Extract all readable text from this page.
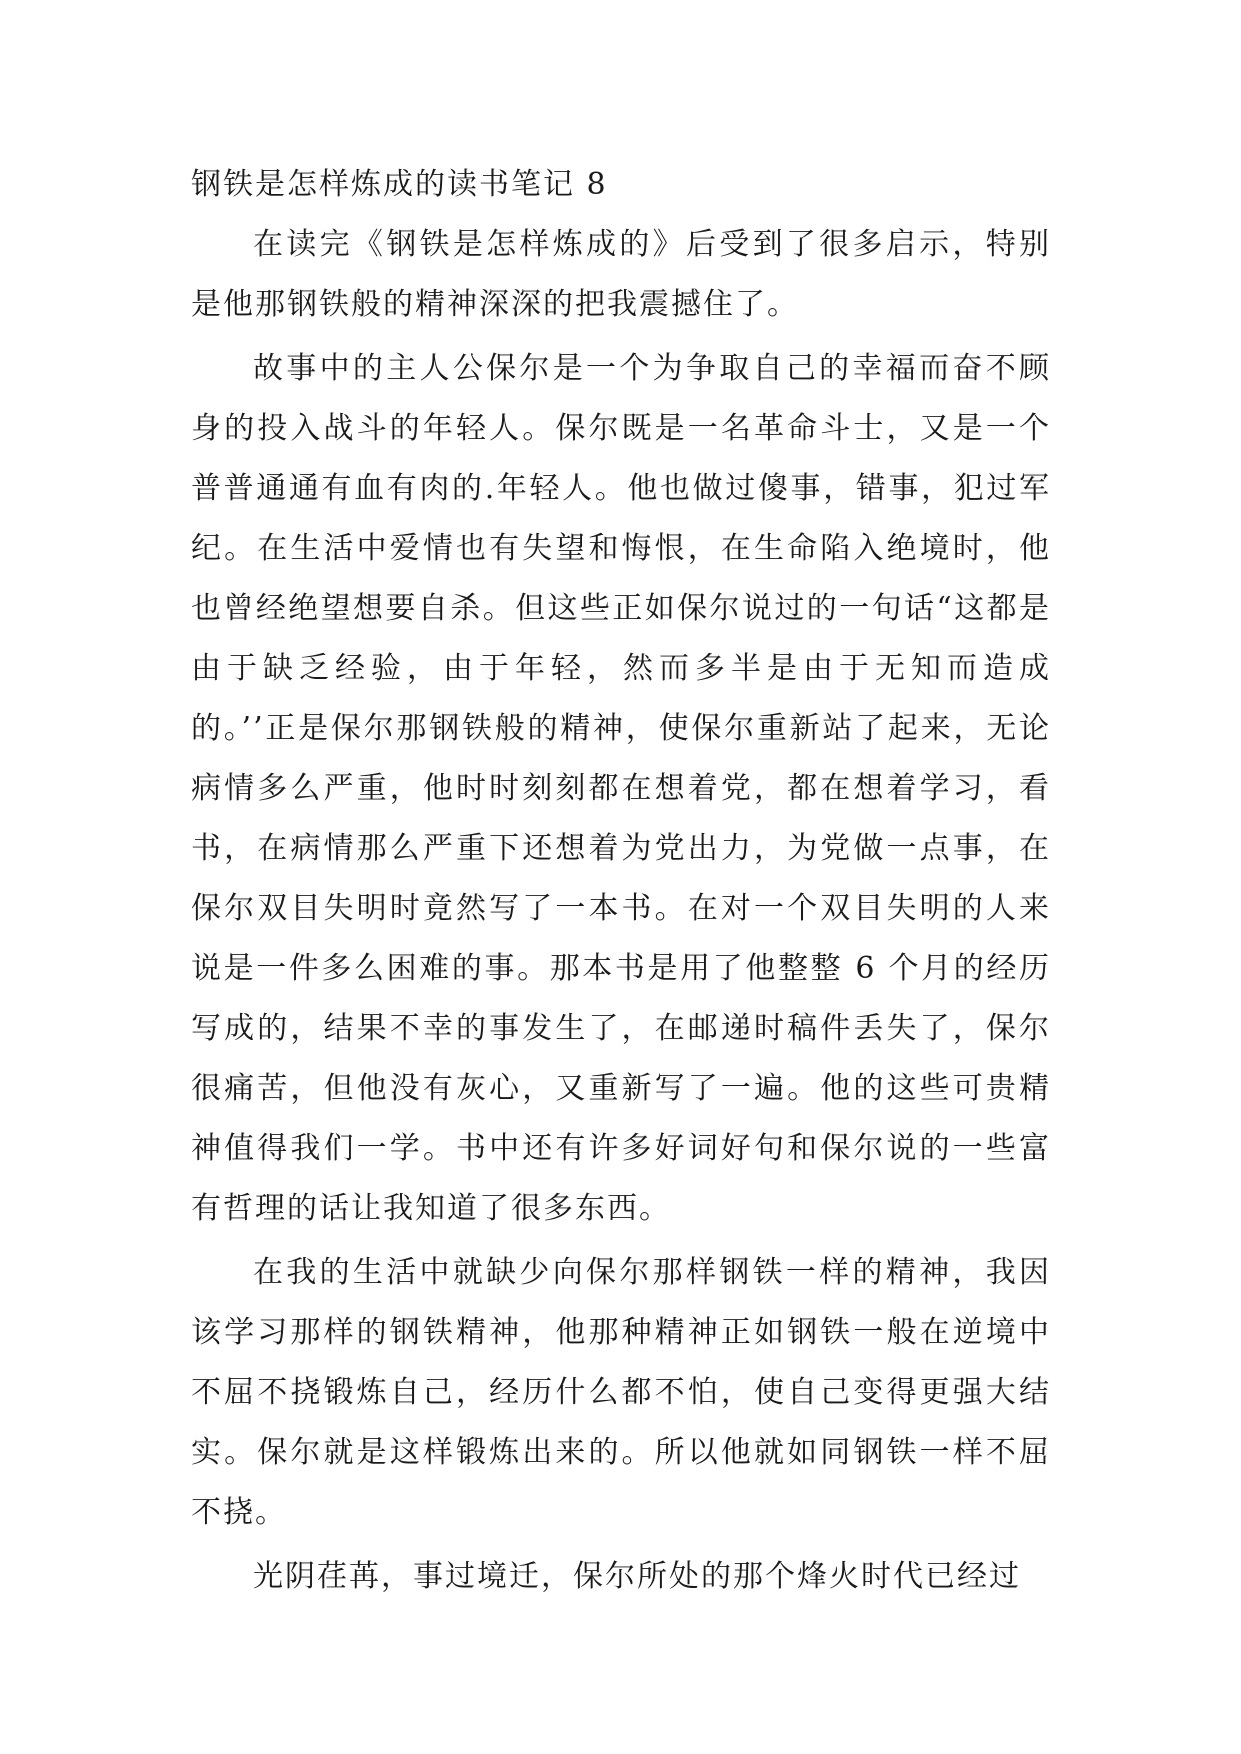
钢铁是怎样炼成的读书笔记 8

在读完《钢铁是怎样炼成的》后受到了很多启示，特别是他那钢铁般的精神深深的把我震撼住了。

故事中的主人公保尔是一个为争取自己的幸福而奋不顾身的投入战斗的年轻人。保尔既是一名革命斗士，又是一个普普通通有血有肉的.年轻人。他也做过傻事，错事，犯过军纪。在生活中爱情也有失望和悔恨，在生命陷入绝境时，他也曾经绝望想要自杀。但这些正如保尔说过的一句话“这都是由于缺乏经验，由于年轻，然而多半是由于无知而造成的。’’正是保尔那钢铁般的精神，使保尔重新站了起来，无论病情多么严重，他时时刻刻都在想着党，都在想着学习，看书，在病情那么严重下还想着为党出力，为党做一点事，在保尔双目失明时竟然写了一本书。在对一个双目失明的人来说是一件多么困难的事。那本书是用了他整整 6 个月的经历写成的，结果不幸的事发生了，在邮递时稿件丢失了，保尔很痛苦，但他没有灰心，又重新写了一遍。他的这些可贵精神值得我们一学。书中还有许多好词好句和保尔说的一些富有哲理的话让我知道了很多东西。

在我的生活中就缺少向保尔那样钢铁一样的精神，我因该学习那样的钢铁精神，他那种精神正如钢铁一般在逆境中不屈不挠锻炼自己，经历什么都不怕，使自己变得更强大结实。保尔就是这样锻炼出来的。所以他就如同钢铁一样不屈不挠。

光阴荏苒，事过境迁，保尔所处的那个烽火时代已经过
